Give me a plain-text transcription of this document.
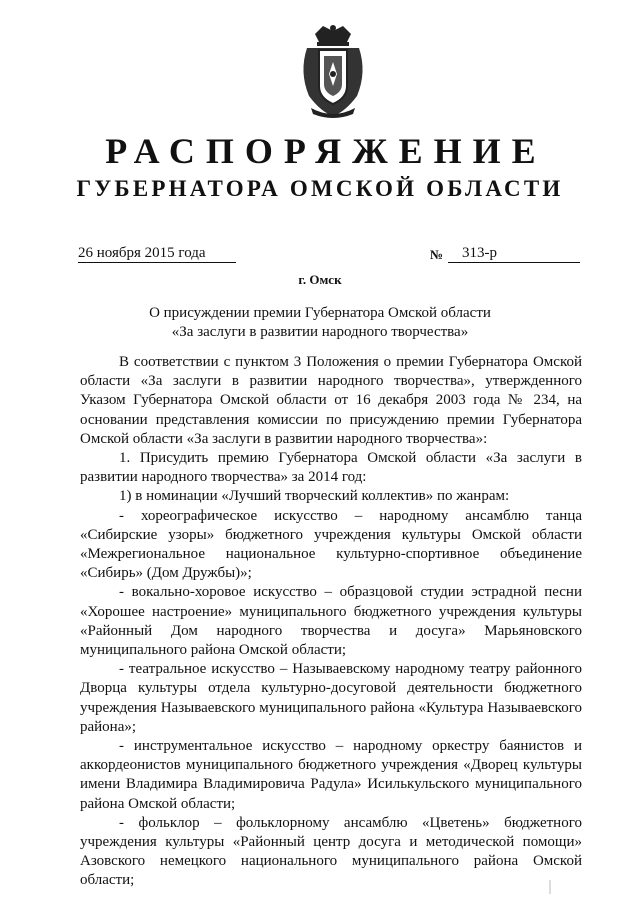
РАСПОРЯЖЕНИЕ
ГУБЕРНАТОРА ОМСКОЙ ОБЛАСТИ
26 ноября 2015 года	№	313-р
г. Омск
О присуждении премии Губернатора Омской области
«За заслуги в развитии народного творчества»

В соответствии с пунктом 3 Положения о премии Губернатора Омской области «За заслуги в развитии народного творчества», утвержденного Указом Губернатора Омской области от 16 декабря 2003 года № 234, на основании представления комиссии по присуждению премии Губернатора Омской области «За заслуги в развитии народного творчества»:

1. Присудить премию Губернатора Омской области «За заслуги в развитии народного творчества» за 2014 год:

1) в номинации «Лучший творческий коллектив» по жанрам:

- хореографическое искусство – народному ансамблю танца «Сибирские узоры» бюджетного учреждения культуры Омской области «Межрегиональное национальное культурно-спортивное объединение «Сибирь» (Дом Дружбы)»;

- вокально-хоровое искусство – образцовой студии эстрадной песни «Хорошее настроение» муниципального бюджетного учреждения культуры «Районный Дом народного творчества и досуга» Марьяновского муниципального района Омской области;

- театральное искусство – Называевскому народному театру районного Дворца культуры отдела культурно-досуговой деятельности бюджетного учреждения Называевского муниципального района «Культура Называевского района»;

- инструментальное искусство – народному оркестру баянистов и аккордеонистов муниципального бюджетного учреждения «Дворец культуры имени Владимира Владимировича Радула» Исилькульского муниципального района Омской области;

- фольклор – фольклорному ансамблю «Цветень» бюджетного учреждения культуры «Районный центр досуга и методической помощи» Азовского немецкого национального муниципального района Омской области;
